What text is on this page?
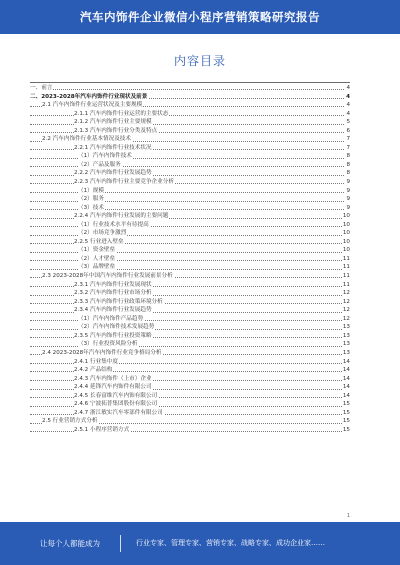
汽车内饰件企业微信小程序营销策略研究报告
内容目录
一、前言	4
二、2023-2028年汽车内饰件行业现状及前景	4
2.1 汽车内饰件行业运营状况及主要规模	4
2.1.1 汽车内饰件行业运营的主要状态	4
2.1.2 汽车内饰件行业主要规模	5
2.1.3 汽车内饰件行业分类及特点	6
2.2 汽车内饰件行业基本情况及技术	7
2.2.1 汽车内饰件行业技术状况	7
（1）汽车内饰件技术	8
（2）产品及服务	8
2.2.2 汽车内饰件行业发展趋势	8
2.2.3 汽车内饰件行业主要竞争企业分析	9
（1）规模	9
（2）服务	9
（3）技术	9
2.2.4 汽车内饰件行业发展的主要问题	10
（1）行业技术水平有待提高	10
（2）市场竞争激烈	10
2.2.5 行业进入壁垒	10
（1）资金壁垒	10
（2）人才壁垒	11
（3）品牌壁垒	11
2.3 2023-2028年中国汽车内饰件行业发展前景分析	11
2.3.1 汽车内饰件行业发展现状	11
2.3.2 汽车内饰件行业市场分析	12
2.3.3 汽车内饰件行业政策环境分析	12
2.3.4 汽车内饰件行业发展趋势	12
（1）汽车内饰件产品趋势	12
（2）汽车内饰件技术发展趋势	13
2.3.5 汽车内饰件行业投资策略	13
（3）行业投资风险分析	13
2.4 2023-2028年汽车内饰件行业竞争格局分析	13
2.4.1 行业集中度	14
2.4.2 产品结构	14
2.4.3 汽车内饰件（上市）企业	14
2.4.4 延锋汽车内饰件有限公司	14
2.4.5 长春富维汽车内饰有限公司	14
2.4.6 宁波拓普集团股份有限公司	15
2.4.7 浙江敏实汽车零部件有限公司	15
2.5 行业营销方式分析	15
2.5.1 小程序营销方式	15
1
让每个人都能成为	行业专家、管理专家、营销专家、战略专家、成功企业家……
